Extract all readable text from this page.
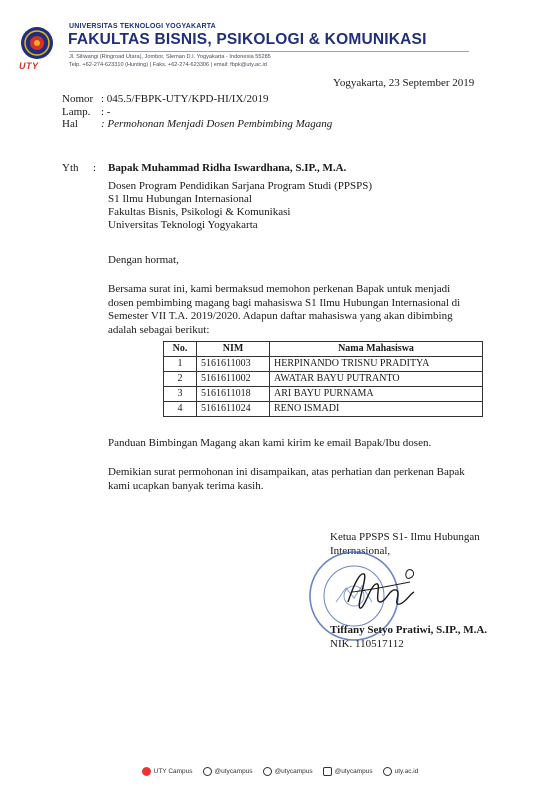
UTY
UNIVERSITAS TEKNOLOGI YOGYAKARTA
FAKULTAS BISNIS, PSIKOLOGI & KOMUNIKASI
Jl. Siliwangi (Ringroad Utara), Jombor, Sleman D.I. Yogyakarta - Indonesia 55285
Telp. +62-274-623310 (Hunting) | Faks. +62-274-623306 | email: fbpk@uty.ac.id
Yogyakarta, 23 September 2019
Nomor : 045.5/FBPK-UTY/KPD-HI/IX/2019
Lamp. : -
Hal : Permohonan Menjadi Dosen Pembimbing Magang
Yth : Bapak Muhammad Ridha Iswardhana, S.IP., M.A.
Dosen Program Pendidikan Sarjana Program Studi (PPSPS)
S1 Ilmu Hubungan Internasional
Fakultas Bisnis, Psikologi & Komunikasi
Universitas Teknologi Yogyakarta
Dengan hormat,
Bersama surat ini, kami bermaksud memohon perkenan Bapak untuk menjadi
dosen pembimbing magang bagi mahasiswa S1 Ilmu Hubungan Internasional di
Semester VII T.A. 2019/2020. Adapun daftar mahasiswa yang akan dibimbing
adalah sebagai berikut:
No.	NIM	Nama Mahasiswa
1	5161611003	HERPINANDO TRISNU PRADITYA
2	5161611002	AWATAR BAYU PUTRANTO
3	5161611018	ARI BAYU PURNAMA
4	5161611024	RENO ISMADI
Panduan Bimbingan Magang akan kami kirim ke email Bapak/Ibu dosen.
Demikian surat permohonan ini disampaikan, atas perhatian dan perkenan Bapak
kami ucapkan banyak terima kasih.
Ketua PPSPS S1- Ilmu Hubungan
Internasional,
Tiffany Setyo Pratiwi, S.IP., M.A.
NIK. 110517112
UTY Campus	@utycampus	@utycampus	@utycampus	uty.ac.id
